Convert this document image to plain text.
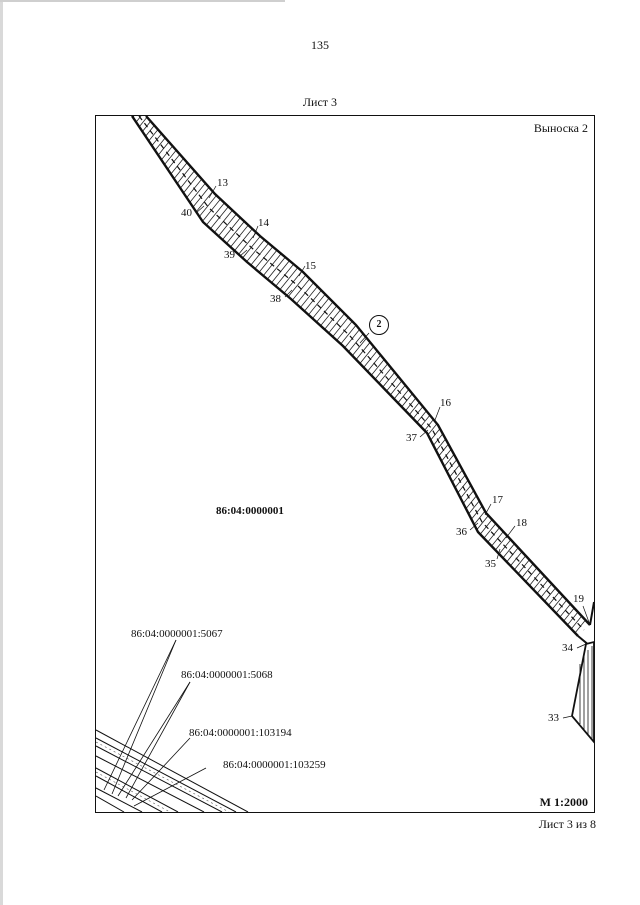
135
Лист 3
Выноска 2
2
86:04:0000001
13
40
14
39
15
38
16
37
17
36
18
35
19
34
33
86:04:0000001:5067
86:04:0000001:5068
86:04:0000001:103194
86:04:0000001:103259
М 1:2000
Лист 3 из 8
